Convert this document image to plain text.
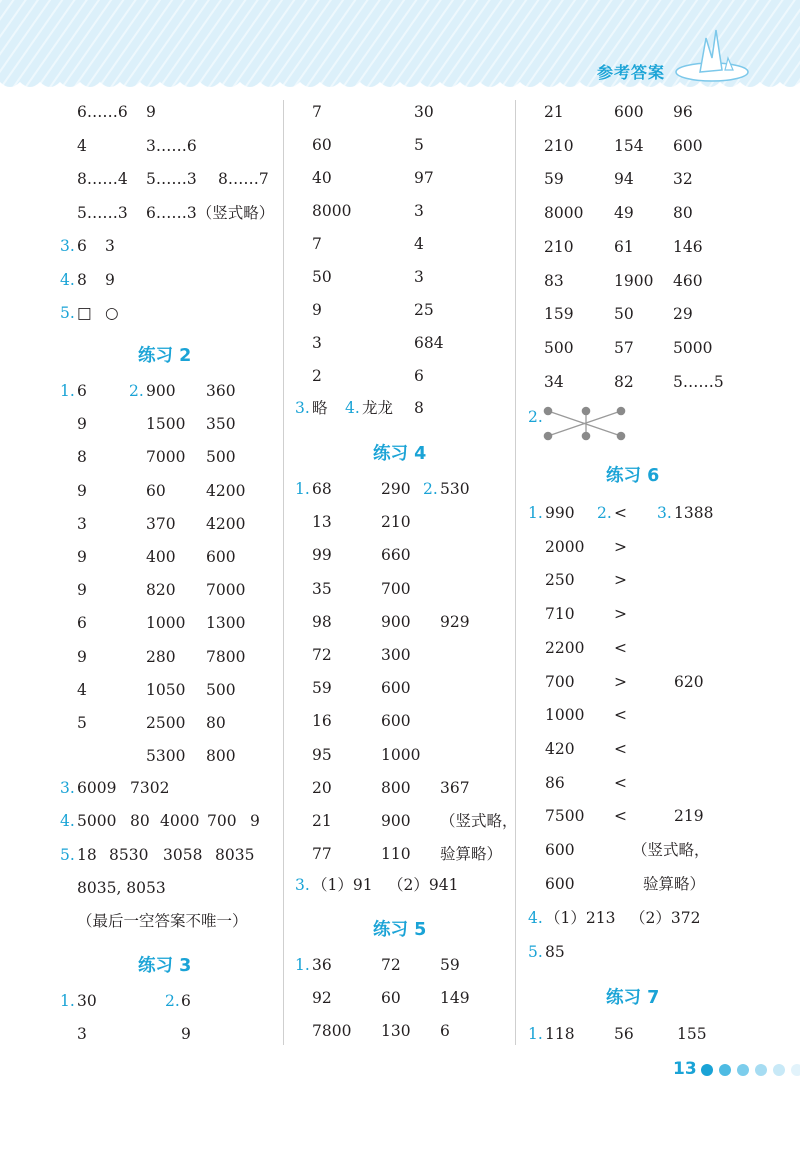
参考答案
6……6 9
4	3……6
8……4 5……3 8……7
5……3 6……3（竖式略）
3. 6 3
4. 8 9
5. □ ○
练习 2
1. 6	2. 900 360
9	1500 350
8	7000 500
9	60	4200
3	370 4200
9	400 600
9	820 7000
6	1000 1300
9	280 7800
4	1050 500
5	2500 80
5300 800
3. 6009 7302
4. 5000 80 4000 700 9
5. 18 8530 3058 8035
8035, 8053
（最后一空答案不唯一）
练习 3
1. 30	2. 6
3	9
7	30
60	5
40	97
8000	3
7	4
50	3
9	25
3	684
2	6
3. 略 4. 龙龙 8
练习 4
1. 68	290 2. 530
13	210
99	660
35	700
98	900 929
72	300
59	600
16	600
95	1000
20	800 367
21	900 （竖式略，
77	110 验算略）
3. （1）91 （2）941
练习 5
1. 36	72	59
92	60	149
7800 130 6
21	600 96
210	154 600
59	94	32
8000 49	80
210	61	146
83	1900 460
159	50	29
500	57	5000
34	82	5……5
2.
练习 6
1. 990 2. < 3. 1388
2000 >
250	>
710	>
2200 <
700	>	620
1000 <
420	<
86	<
7500 <	219
600	（竖式略，
600	验算略）
4. （1）213 （2）372
5. 85
练习 7
1. 118	56	155
13
